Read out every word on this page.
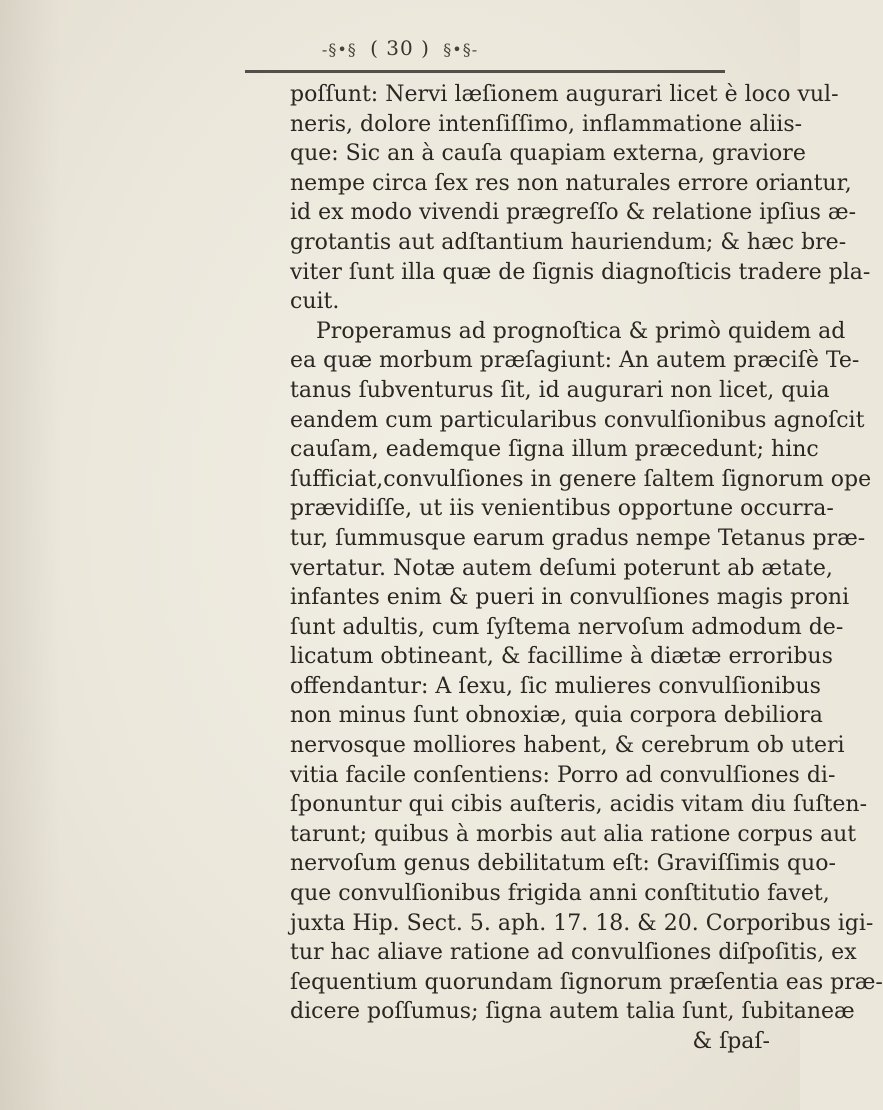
-§•§ ( 30 ) §•§-
poſſunt: Nervi læſionem augurari licet è loco vul-
neris, dolore intenſiſſimo, inflammatione aliis-
que: Sic an à cauſa quapiam externa, graviore
nempe circa ſex res non naturales errore oriantur,
id ex modo vivendi prægreſſo & relatione ipſius æ-
grotantis aut adſtantium hauriendum; & hæc bre-
viter ſunt illa quæ de ſignis diagnoſticis tradere pla-
cuit.
Properamus ad prognoſtica & primò quidem ad
ea quæ morbum præſagiunt: An autem præciſè Te-
tanus ſubventurus ſit, id augurari non licet, quia
eandem cum particularibus convulſionibus agnoſcit
cauſam, eademque ſigna illum præcedunt; hinc
ſufficiat,convulſiones in genere ſaltem ſignorum ope
prævidiſſe, ut iis venientibus opportune occurra-
tur, ſummusque earum gradus nempe Tetanus præ-
vertatur. Notæ autem deſumi poterunt ab ætate,
infantes enim & pueri in convulſiones magis proni
ſunt adultis, cum ſyſtema nervoſum admodum de-
licatum obtineant, & facillime à diætæ erroribus
offendantur: A ſexu, ſic mulieres convulſionibus
non minus ſunt obnoxiæ, quia corpora debiliora
nervosque molliores habent, & cerebrum ob uteri
vitia facile conſentiens: Porro ad convulſiones di-
ſponuntur qui cibis auſteris, acidis vitam diu ſuſten-
tarunt; quibus à morbis aut alia ratione corpus aut
nervoſum genus debilitatum eſt: Graviſſimis quo-
que convulſionibus frigida anni conſtitutio favet,
juxta Hip. Sect. 5. aph. 17. 18. & 20. Corporibus igi-
tur hac aliave ratione ad convulſiones diſpoſitis, ex
ſequentium quorundam ſignorum præſentia eas præ-
dicere poſſumus; ſigna autem talia ſunt, ſubitaneæ
& ſpaſ-
